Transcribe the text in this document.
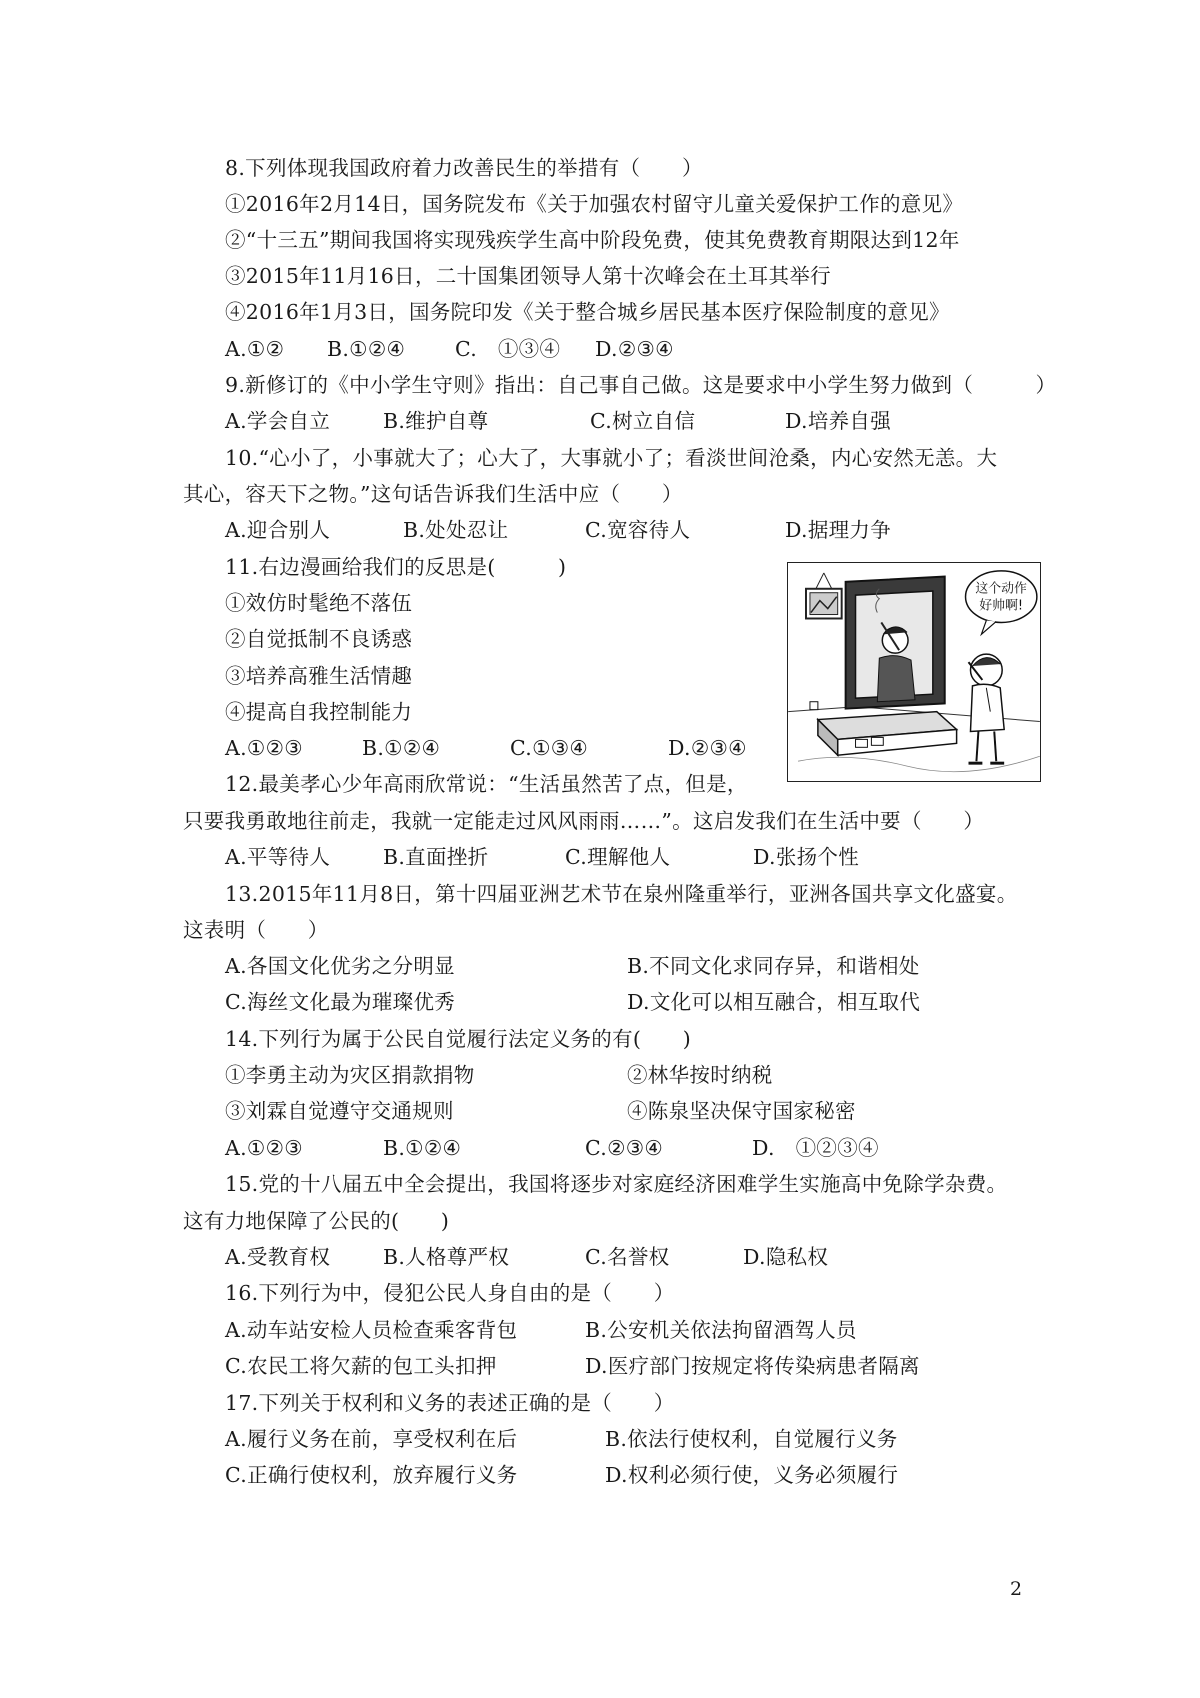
8.下列体现我国政府着力改善民生的举措有（　　）
①2016年2月14日，国务院发布《关于加强农村留守儿童关爱保护工作的意见》
②“十三五”期间我国将实现残疾学生高中阶段免费，使其免费教育期限达到12年
③2015年11月16日，二十国集团领导人第十次峰会在土耳其举行
④2016年1月3日，国务院印发《关于整合城乡居民基本医疗保险制度的意见》
A.①② B.①②④ C.　①③④ D.②③④
9.新修订的《中小学生守则》指出：自己事自己做。这是要求中小学生努力做到（　　　）
A.学会自立	B.维护自尊	C.树立自信	D.培养自强
10.“心小了，小事就大了；心大了，大事就小了；看淡世间沧桑，内心安然无恙。大
其心，容天下之物。”这句话告诉我们生活中应（　　）
A.迎合别人	B.处处忍让	C.宽容待人	D.据理力争
11.右边漫画给我们的反思是(　　　)
①效仿时髦绝不落伍
②自觉抵制不良诱惑
③培养高雅生活情趣
④提高自我控制能力
A.①②③	B.①②④	C.①③④	D.②③④
这个动作
好帅啊!
12.最美孝心少年高雨欣常说：“生活虽然苦了点，但是，
只要我勇敢地往前走，我就一定能走过风风雨雨……”。这启发我们在生活中要（　　）
A.平等待人	B.直面挫折	C.理解他人	D.张扬个性
13.2015年11月8日，第十四届亚洲艺术节在泉州隆重举行，亚洲各国共享文化盛宴。
这表明（　　）
A.各国文化优劣之分明显	B.不同文化求同存异，和谐相处
C.海丝文化最为璀璨优秀	D.文化可以相互融合，相互取代
14.下列行为属于公民自觉履行法定义务的有(　　)
①李勇主动为灾区捐款捐物	②林华按时纳税
③刘霖自觉遵守交通规则	④陈泉坚决保守国家秘密
A.①②③	B.①②④	C.②③④	D.　①②③④
15.党的十八届五中全会提出，我国将逐步对家庭经济困难学生实施高中免除学杂费。
这有力地保障了公民的(　　)
A.受教育权	B.人格尊严权	C.名誉权	D.隐私权
16.下列行为中，侵犯公民人身自由的是（　　）
A.动车站安检人员检查乘客背包	B.公安机关依法拘留酒驾人员
C.农民工将欠薪的包工头扣押	D.医疗部门按规定将传染病患者隔离
17.下列关于权利和义务的表述正确的是（　　）
A.履行义务在前，享受权利在后	B.依法行使权利，自觉履行义务
C.正确行使权利，放弃履行义务	D.权利必须行使，义务必须履行
2
